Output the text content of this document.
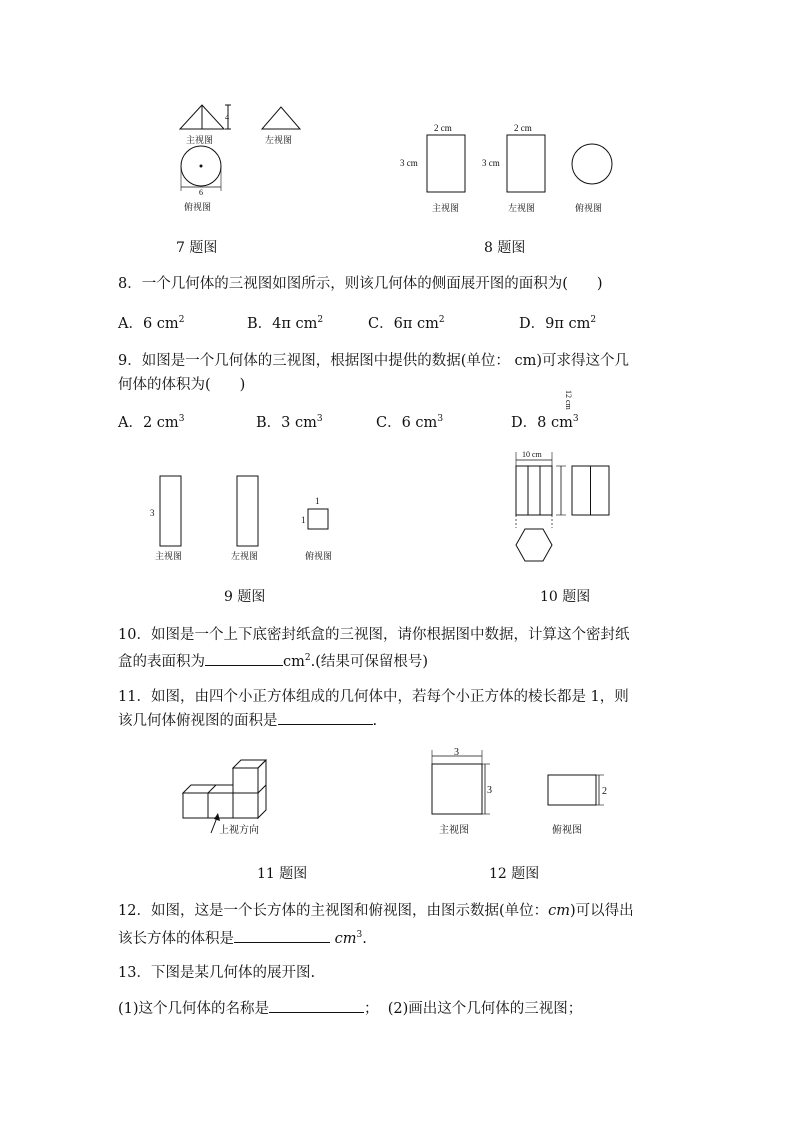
4
主视图	左视图
6
俯视图
7 题图
2 cm
3 cm
主视图
2 cm
3 cm
左视图	俯视图
8 题图
8．一个几何体的三视图如图所示，则该几何体的侧面展开图的面积为(　　)
A．6 $cm^2$	B．4π $cm^2$	C．6π $cm^2$	D．9π $cm^2$
9．如图是一个几何体的三视图，根据图中提供的数据(单位： cm)可求得这个几
何体的体积为(　　)
A．2 $cm^3$	B．3 $cm^3$	C．6 $cm^3$	D．8 $cm^3$
3
主视图	左视图
1
1
俯视图
9 题图
10 cm
12 cm
10 题图
10．如图是一个上下底密封纸盒的三视图，请你根据图中数据，计算这个密封纸
盒的表面积为	$cm^2$.(结果可保留根号)
11．如图，由四个小正方体组成的几何体中，若每个小正方体的棱长都是 1，则
该几何体俯视图的面积是	.
上视方向
11 题图
3
3
主视图
2
俯视图
12 题图
12．如图，这是一个长方体的主视图和俯视图，由图示数据(单位：cm)可以得出
该长方体的体积是	$cm^3$.
13．下图是某几何体的展开图.
(1)这个几何体的名称是	； (2)画出这个几何体的三视图；
